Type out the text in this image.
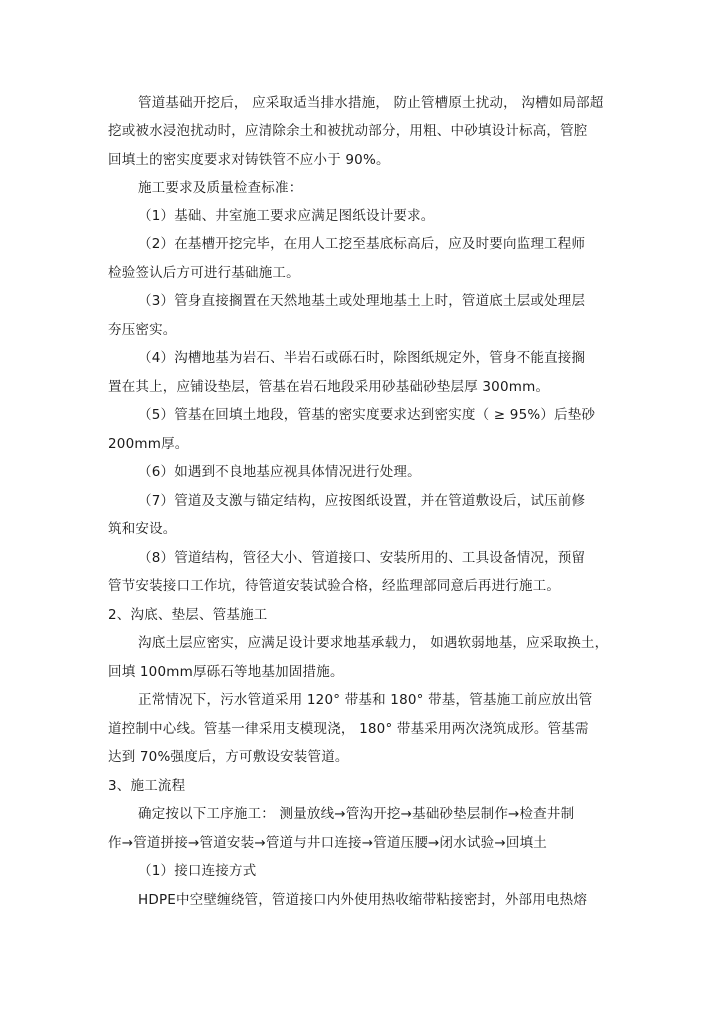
管道基础开挖后， 应采取适当排水措施， 防止管槽原土扰动， 沟槽如局部超
挖或被水浸泡扰动时，应清除余土和被扰动部分，用粗、中砂填设计标高，管腔
回填土的密实度要求对铸铁管不应小于 90%。
施工要求及质量检查标准：
（1）基础、井室施工要求应满足图纸设计要求。
（2）在基槽开挖完毕，在用人工挖至基底标高后，应及时要向监理工程师
检验签认后方可进行基础施工。
（3）管身直接搁置在天然地基土或处理地基土上时，管道底土层或处理层
夯压密实。
（4）沟槽地基为岩石、半岩石或砾石时，除图纸规定外，管身不能直接搁
置在其上，应铺设垫层，管基在岩石地段采用砂基础砂垫层厚 300mm。
（5）管基在回填土地段，管基的密实度要求达到密实度（ ≥ 95%）后垫砂
200mm厚。
（6）如遇到不良地基应视具体情况进行处理。
（7）管道及支激与锚定结构，应按图纸设置，并在管道敷设后，试压前修
筑和安设。
（8）管道结构，管径大小、管道接口、安装所用的、工具设备情况，预留
管节安装接口工作坑，待管道安装试验合格，经监理部同意后再进行施工。
2、沟底、垫层、管基施工
沟底土层应密实，应满足设计要求地基承载力， 如遇软弱地基，应采取换土，
回填 100mm厚砾石等地基加固措施。
正常情况下，污水管道采用 120° 带基和 180° 带基，管基施工前应放出管
道控制中心线。管基一律采用支模现浇， 180° 带基采用两次浇筑成形。管基需
达到 70%强度后，方可敷设安装管道。
3、施工流程
确定按以下工序施工： 测量放线→管沟开挖→基础砂垫层制作→检查井制
作→管道拼接→管道安装→管道与井口连接→管道压腰→闭水试验→回填土
（1）接口连接方式
HDPE中空壁缠绕管，管道接口内外使用热收缩带粘接密封，外部用电热熔
